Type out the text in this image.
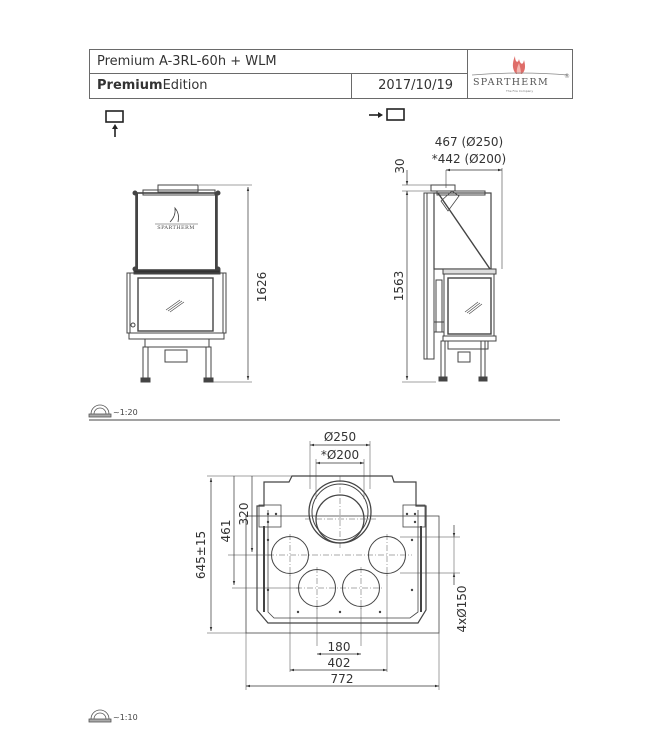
Premium A-3RL-60h + WLM
PremiumEdition	2017/10/19 SPARTHERM
®
The Fire Company
1626
SPARTHERM
30
1563
467 (Ø250)
*442 (Ø200)
Ø250
*Ø200
645±15 461
320
4xØ150
180
402
772
~1:20
~1:10
